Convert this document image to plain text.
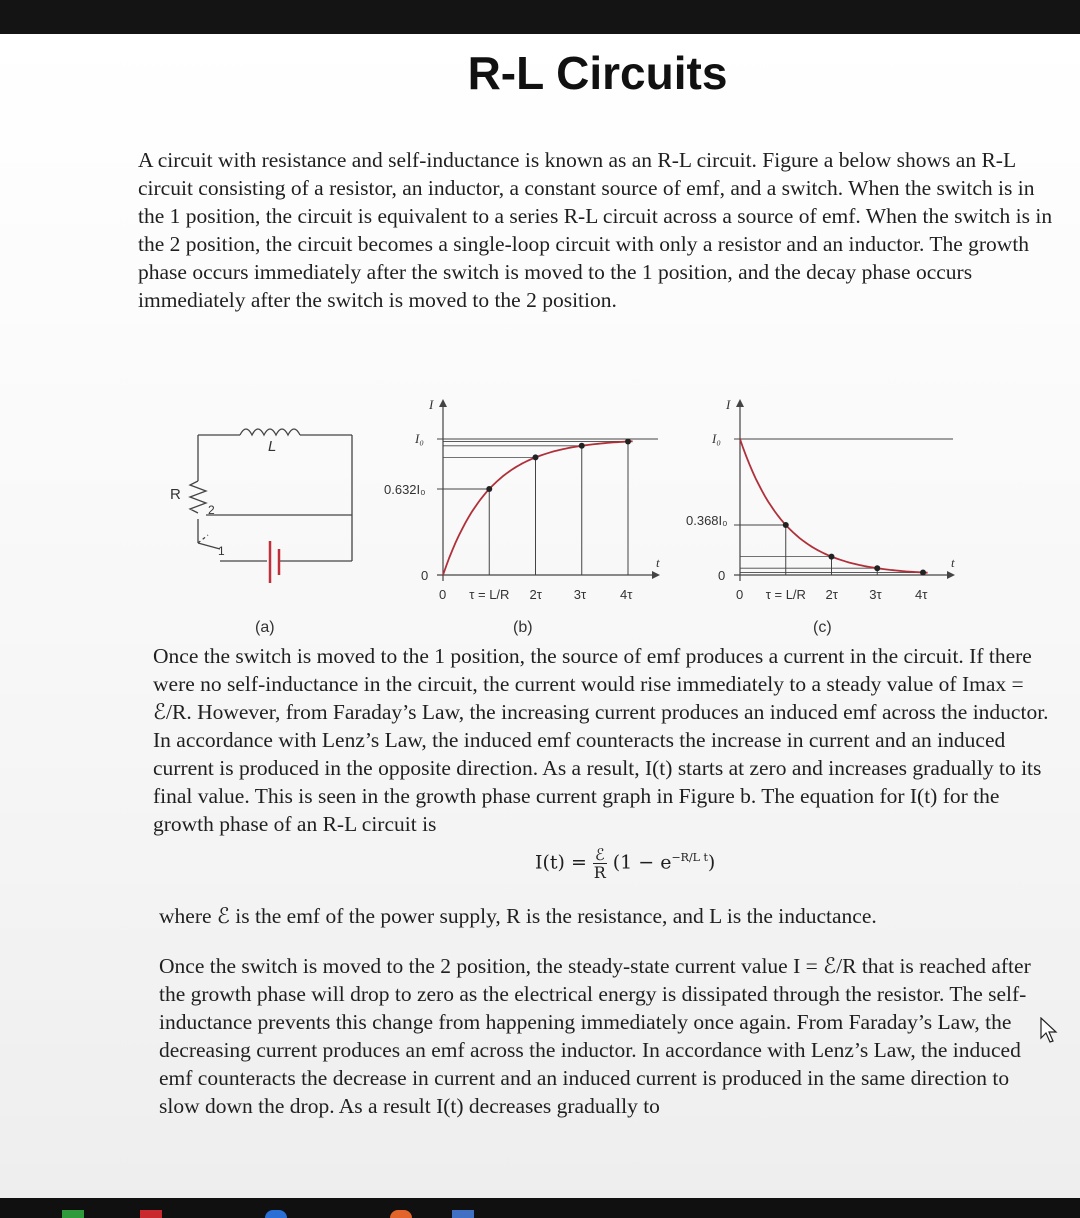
R-L Circuits

A circuit with resistance and self-inductance is known as an R-L circuit. Figure a below shows an R-L circuit consisting of a resistor, an inductor, a constant source of emf, and a switch. When the switch is in the 1 position, the circuit is equivalent to a series R-L circuit across a source of emf. When the switch is in the 2 position, the circuit becomes a single-loop circuit with only a resistor and an inductor. The growth phase occurs immediately after the switch is moved to the 1 position, and the decay phase occurs immediately after the switch is moved to the 2 position.

L
R
2
1
I
I₀
0.632I₀
0
t
0 τ = L/R 2τ 3τ	4τ
I
I₀
0.368I₀
0
t
0 τ = L/R 2τ 3τ	4τ
(a)	(b)	(c)

Once the switch is moved to the 1 position, the source of emf produces a current in the circuit. If there were no self-inductance in the circuit, the current would rise immediately to a steady value of Imax = ℰ/R. However, from Faraday’s Law, the increasing current produces an induced emf across the inductor. In accordance with Lenz’s Law, the induced emf counteracts the increase in current and an induced current is produced in the opposite direction. As a result, I(t) starts at zero and increases gradually to its final value. This is seen in the growth phase current graph in Figure b. The equation for I(t) for the growth phase of an R-L circuit is

$I(t) = \frac{\text{ℰ}}{R} (1 - e^{-R/L t})$

where ℰ is the emf of the power supply, R is the resistance, and L is the inductance.

Once the switch is moved to the 2 position, the steady-state current value I = ℰ/R that is reached after the growth phase will drop to zero as the electrical energy is dissipated through the resistor. The self-inductance prevents this change from happening immediately once again. From Faraday’s Law, the decreasing current produces an emf across the inductor. In accordance with Lenz’s Law, the induced emf counteracts the decrease in current and an induced current is produced in the same direction to slow down the drop. As a result I(t) decreases gradually to
